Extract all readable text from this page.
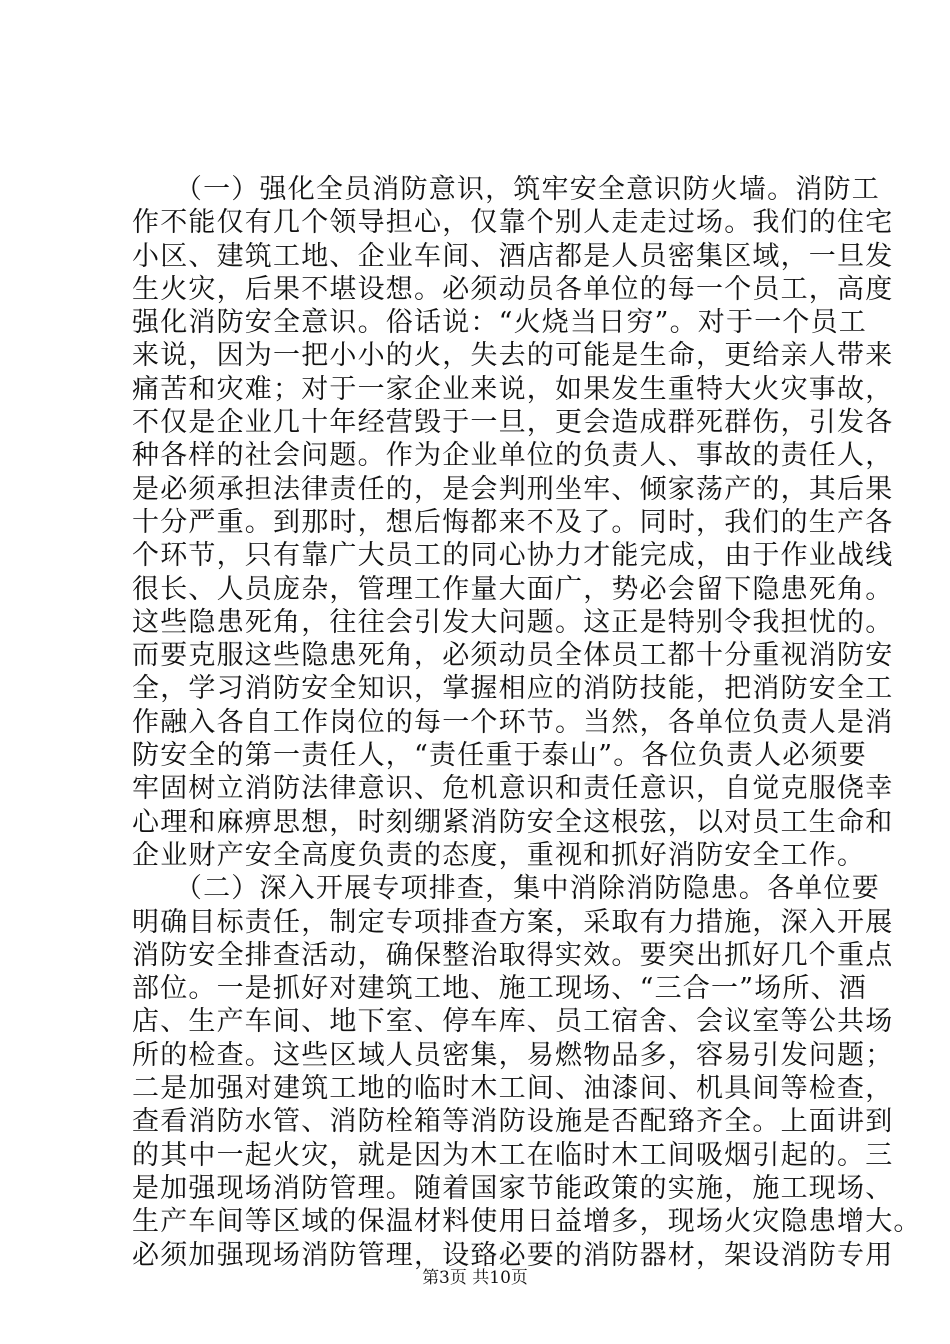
　　（一）强化全员消防意识，筑牢安全意识防火墙。消防工
作不能仅有几个领导担心，仅靠个别人走走过场。我们的住宅
小区、建筑工地、企业车间、酒店都是人员密集区域，一旦发
生火灾，后果不堪设想。必须动员各单位的每一个员工，高度
强化消防安全意识。俗话说：“火烧当日穷”。对于一个员工
来说，因为一把小小的火，失去的可能是生命，更给亲人带来
痛苦和灾难；对于一家企业来说，如果发生重特大火灾事故，
不仅是企业几十年经营毁于一旦，更会造成群死群伤，引发各
种各样的社会问题。作为企业单位的负责人、事故的责任人，
是必须承担法律责任的，是会判刑坐牢、倾家荡产的，其后果
十分严重。到那时，想后悔都来不及了。同时，我们的生产各
个环节，只有靠广大员工的同心协力才能完成，由于作业战线
很长、人员庞杂，管理工作量大面广，势必会留下隐患死角。
这些隐患死角，往往会引发大问题。这正是特别令我担忧的。
而要克服这些隐患死角，必须动员全体员工都十分重视消防安
全，学习消防安全知识，掌握相应的消防技能，把消防安全工
作融入各自工作岗位的每一个环节。当然，各单位负责人是消
防安全的第一责任人，“责任重于泰山”。各位负责人必须要
牢固树立消防法律意识、危机意识和责任意识，自觉克服侥幸
心理和麻痹思想，时刻绷紧消防安全这根弦，以对员工生命和
企业财产安全高度负责的态度，重视和抓好消防安全工作。
　　（二）深入开展专项排查，集中消除消防隐患。各单位要
明确目标责任，制定专项排查方案，采取有力措施，深入开展
消防安全排查活动，确保整治取得实效。要突出抓好几个重点
部位。一是抓好对建筑工地、施工现场、“三合一”场所、酒
店、生产车间、地下室、停车库、员工宿舍、会议室等公共场
所的检查。这些区域人员密集，易燃物品多，容易引发问题；
二是加强对建筑工地的临时木工间、油漆间、机具间等检查，
查看消防水管、消防栓箱等消防设施是否配臵齐全。上面讲到
的其中一起火灾，就是因为木工在临时木工间吸烟引起的。三
是加强现场消防管理。随着国家节能政策的实施，施工现场、
生产车间等区域的保温材料使用日益增多，现场火灾隐患增大。
必须加强现场消防管理，设臵必要的消防器材，架设消防专用
第3页 共10页
